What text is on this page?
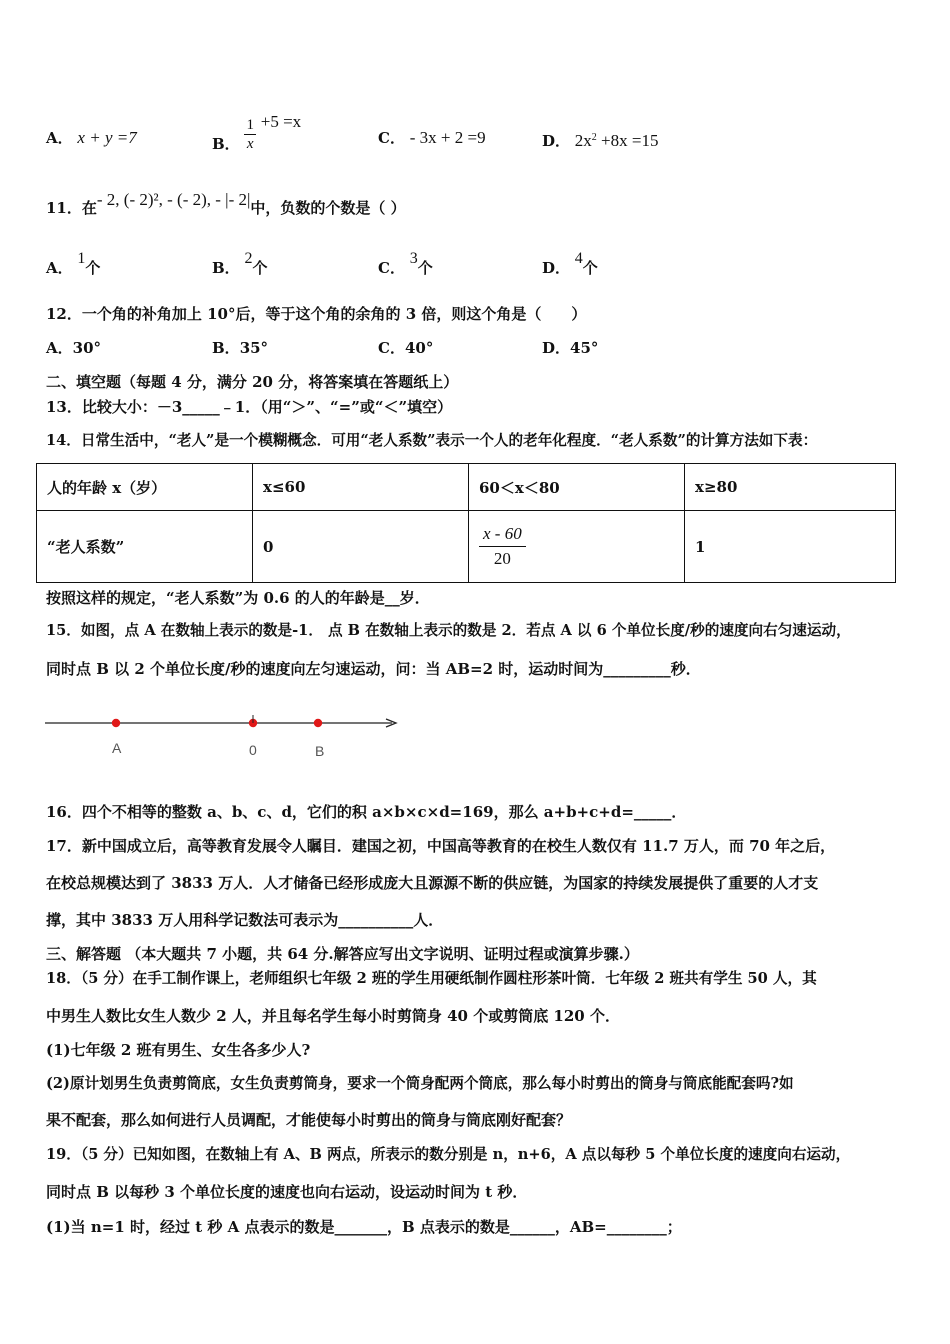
A． x + y =7	B． $\frac{1}{x} +5 =x$
C． - 3x + 2 =9	D． $2x^2 +8x =15$
11．在- 2, (- 2)², - (- 2), - |- 2|中，负数的个数是（ ）
A． 1个	B． 2个	C． 3个	D． 4个
12．一个角的补角加上 10°后，等于这个角的余角的 3 倍，则这个角是（　　）
A．30°	B．35°	C．40°	D．45°
二、填空题（每题 4 分，满分 20 分，将答案填在答题纸上）
13．比较大小：－3_____﹣1．（用“＞”、“=”或“＜”填空）
14．日常生活中，“老人”是一个模糊概念．可用“老人系数”表示一个人的老年化程度．“老人系数”的计算方法如下表：
人的年龄 x（岁）	x≤60	60＜x＜80	x≥80
“老人系数”	0	$\frac{x - 60}{20}$	1
按照这样的规定，“老人系数”为 0.6 的人的年龄是__岁．
15．如图，点 A 在数轴上表示的数是-1． 点 B 在数轴上表示的数是 2．若点 A 以 6 个单位长度/秒的速度向右匀速运动，
同时点 B 以 2 个单位长度/秒的速度向左匀速运动，问：当 AB=2 时，运动时间为_________秒．
A	0	B
16．四个不相等的整数 a、b、c、d，它们的积 a×b×c×d=169，那么 a+b+c+d=_____．
17．新中国成立后，高等教育发展令人瞩目．建国之初，中国高等教育的在校生人数仅有 11.7 万人，而 70 年之后，
在校总规模达到了 3833 万人．人才储备已经形成庞大且源源不断的供应链，为国家的持续发展提供了重要的人才支
撑，其中 3833 万人用科学记数法可表示为__________人．
三、解答题 （本大题共 7 小题，共 64 分.解答应写出文字说明、证明过程或演算步骤.）
18．（5 分）在手工制作课上，老师组织七年级 2 班的学生用硬纸制作圆柱形茶叶筒．七年级 2 班共有学生 50 人，其
中男生人数比女生人数少 2 人，并且每名学生每小时剪筒身 40 个或剪筒底 120 个．
(1)七年级 2 班有男生、女生各多少人?
(2)原计划男生负责剪筒底，女生负责剪筒身，要求一个筒身配两个筒底，那么每小时剪出的筒身与筒底能配套吗?如
果不配套，那么如何进行人员调配，才能使每小时剪出的筒身与筒底刚好配套？
19．（5 分）已知如图，在数轴上有 A、B 两点，所表示的数分别是 n，n+6，A 点以每秒 5 个单位长度的速度向右运动，
同时点 B 以每秒 3 个单位长度的速度也向右运动，设运动时间为 t 秒．
(1)当 n=1 时，经过 t 秒 A 点表示的数是_______，B 点表示的数是______，AB=________；
